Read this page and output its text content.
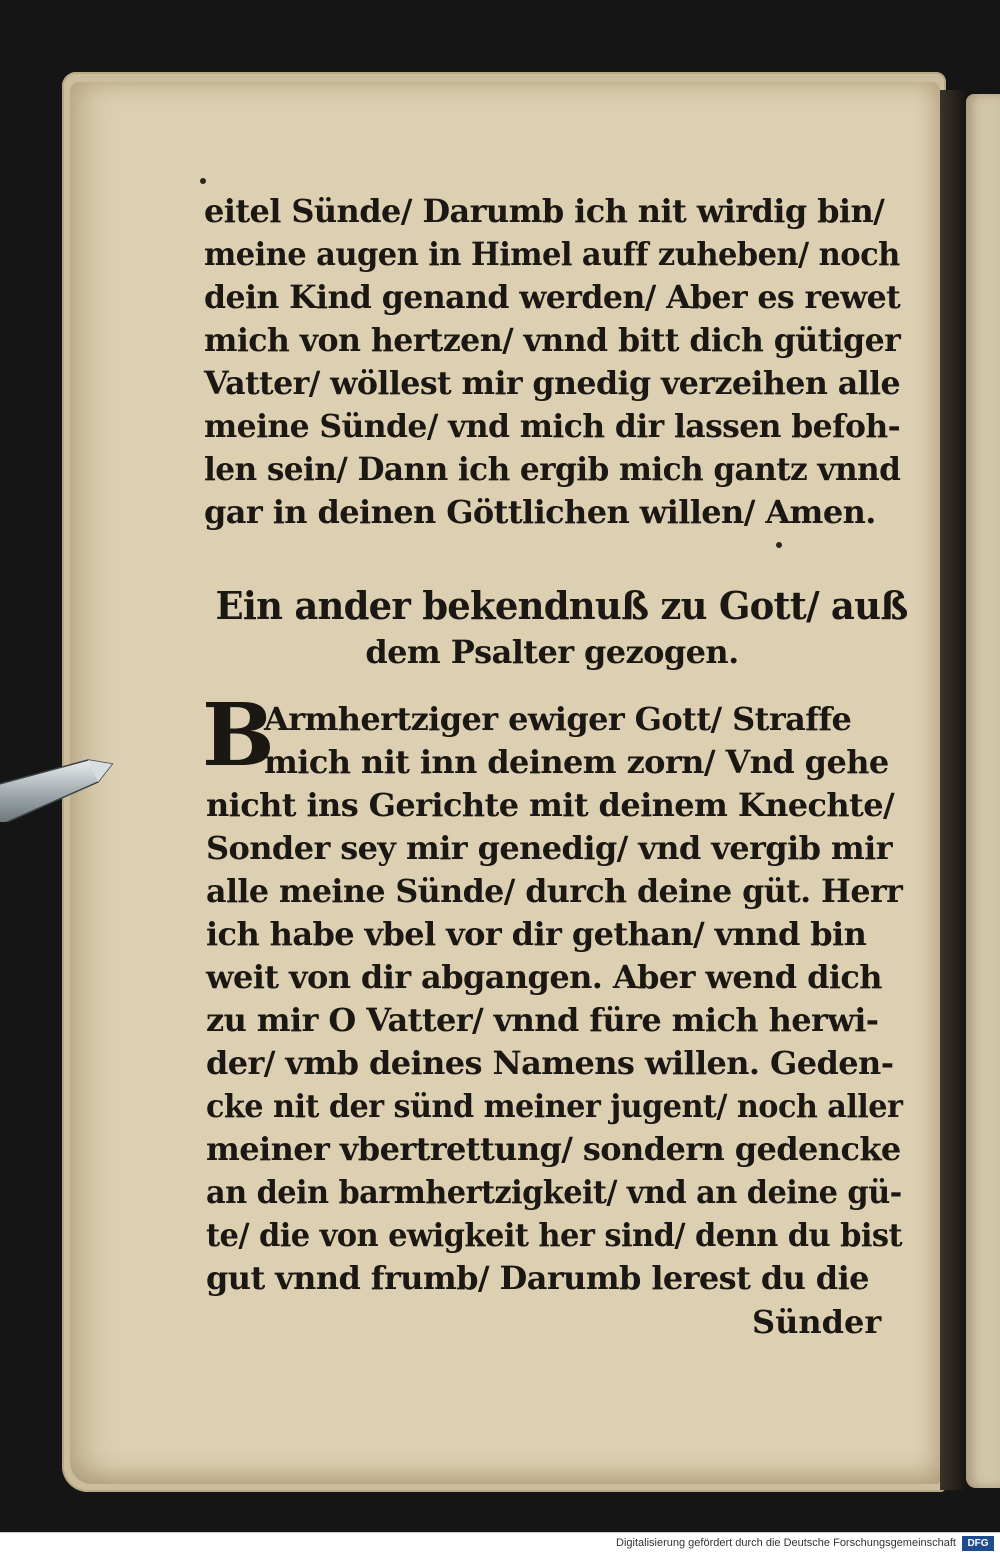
eitel Sünde/ Darumb ich nit wirdig bin/
meine augen in Himel auff zuheben/ noch
dein Kind genand werden/ Aber es rewet
mich von hertzen/ vnnd bitt dich gütiger
Vatter/ wöllest mir gnedig verzeihen alle
meine Sünde/ vnd mich dir lassen befoh-
len sein/ Dann ich ergib mich gantz vnnd
gar in deinen Göttlichen willen/ Amen.
Ein ander bekendnuß zu Gott/ auß
dem Psalter gezogen.
B
Armhertziger ewiger Gott/ Straffe
mich nit inn deinem zorn/ Vnd gehe
nicht ins Gerichte mit deinem Knechte/
Sonder sey mir genedig/ vnd vergib mir
alle meine Sünde/ durch deine güt. Herr
ich habe vbel vor dir gethan/ vnnd bin
weit von dir abgangen. Aber wend dich
zu mir O Vatter/ vnnd füre mich herwi-
der/ vmb deines Namens willen. Geden-
cke nit der sünd meiner jugent/ noch aller
meiner vbertrettung/ sondern gedencke
an dein barmhertzigkeit/ vnd an deine gü-
te/ die von ewigkeit her sind/ denn du bist
gut vnnd frumb/ Darumb lerest du die
Sünder
Digitalisierung gefördert durch die Deutsche Forschungsgemeinschaft	DFG
